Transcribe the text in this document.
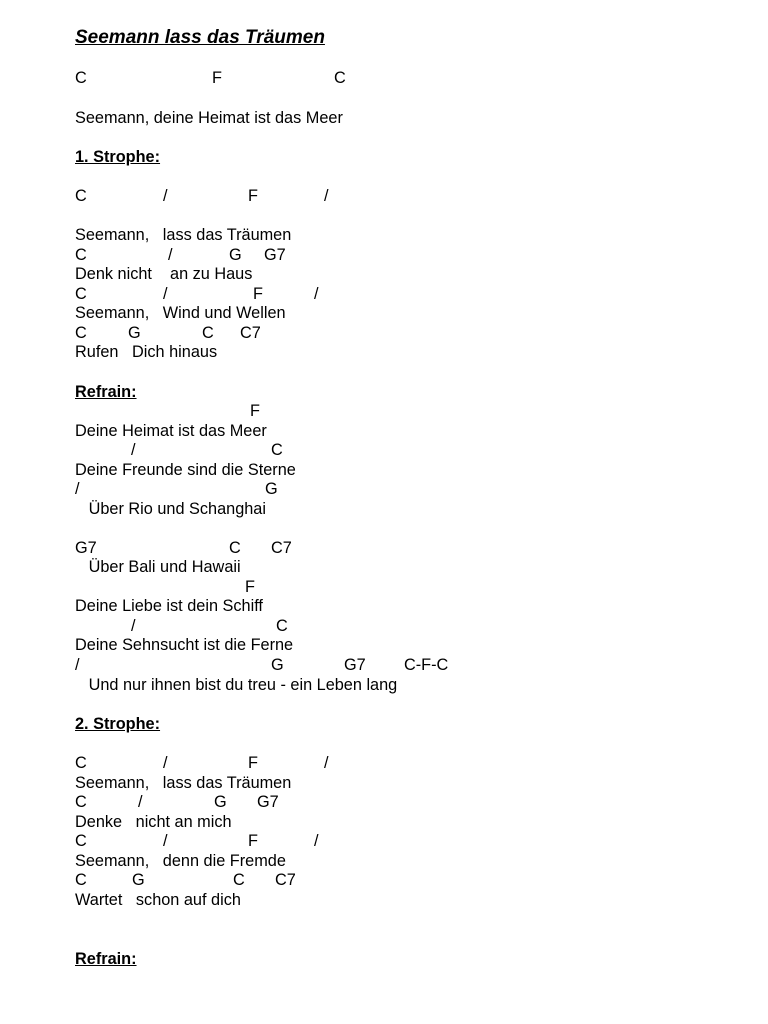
Seemann lass das Träumen
C	F	C
Seemann, deine Heimat ist das Meer
1. Strophe:
C	/	F	/
Seemann,   lass das Träumen
C	/	G G7
Denk nicht    an zu Haus
C	/	F	/
Seemann,   Wind und Wellen
C	G	C C7
Rufen   Dich hinaus
Refrain:
F
Deine Heimat ist das Meer
/	C
Deine Freunde sind die Sterne
/	G
Über Rio und Schanghai
G7	C C7
Über Bali und Hawaii
F
Deine Liebe ist dein Schiff
/	C
Deine Sehnsucht ist die Ferne
/	G	G7 C-F-C
Und nur ihnen bist du treu - ein Leben lang
2. Strophe:
C	/	F	/
Seemann,   lass das Träumen
C	/	G G7
Denke   nicht an mich
C	/	F	/
Seemann,   denn die Fremde
C	G	C C7
Wartet   schon auf dich
Refrain:
